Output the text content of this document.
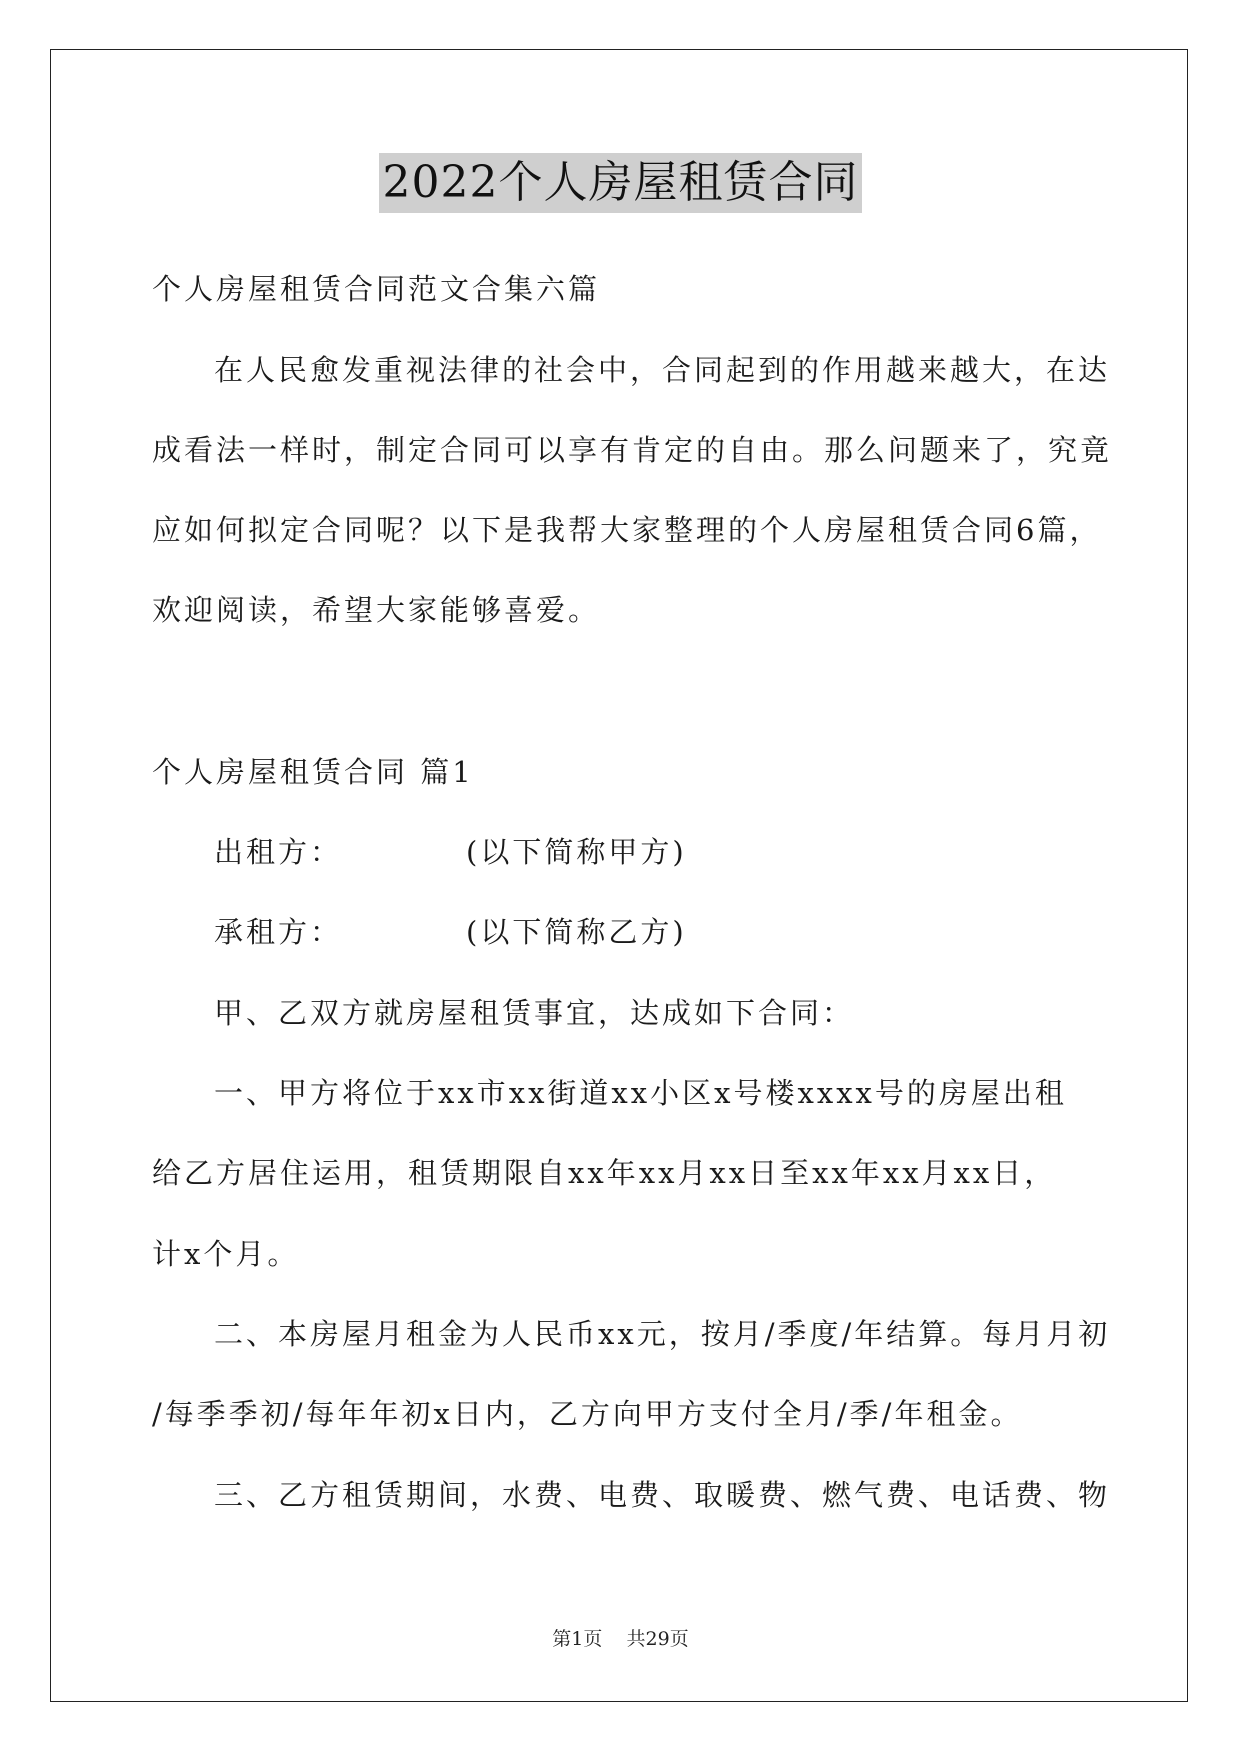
2022个人房屋租赁合同
个人房屋租赁合同范文合集六篇
在人民愈发重视法律的社会中，合同起到的作用越来越大，在达
成看法一样时，制定合同可以享有肯定的自由。那么问题来了，究竟
应如何拟定合同呢？以下是我帮大家整理的个人房屋租赁合同6篇，
欢迎阅读，希望大家能够喜爱。
个人房屋租赁合同 篇1
出租方：	(以下简称甲方)
承租方：	(以下简称乙方)
甲、乙双方就房屋租赁事宜，达成如下合同：
一、甲方将位于xx市xx街道xx小区x号楼xxxx号的房屋出租
给乙方居住运用，租赁期限自xx年xx月xx日至xx年xx月xx日，
计x个月。
二、本房屋月租金为人民币xx元，按月/季度/年结算。每月月初
/每季季初/每年年初x日内，乙方向甲方支付全月/季/年租金。
三、乙方租赁期间，水费、电费、取暖费、燃气费、电话费、物
第1页 共29页
